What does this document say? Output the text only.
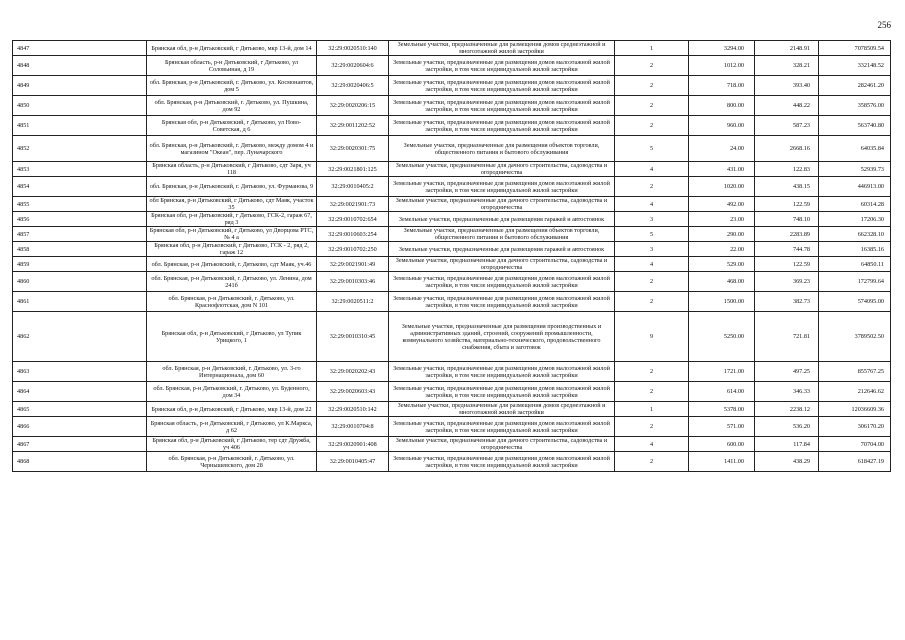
256
4847	Брянская обл, р-н Дятьковский, г Дятьково, мкр 13-й, дом 14	32:29:0020510:140	Земельные участки, предназначенные для размещения домов среднеэтажной и многоэтажной жилой застройки	1	3294.00	2148.91	7078509.54
4848	Брянская область, р-н Дятьковский, г Дятьково, ул Соловьиная, д 19	32:29:0020604:6	Земельные участки, предназначенные для размещения домов малоэтажной жилой застройки, в том числе индивидуальной жилой застройки	2	1012.00	328.21	332148.52
4849	обл. Брянская, р-н Дятьковский, г. Дятьково, ул. Космонавтов, дом 5	32:29:0020406:5	Земельные участки, предназначенные для размещения домов малоэтажной жилой застройки, в том числе индивидуальной жилой застройки	2	718.00	393.40	282461.20
4850	обл. Брянская, р-н Дятьковский, г. Дятьково, ул. Пушкина, дом 92	32:29:0020206:15	Земельные участки, предназначенные для размещения домов малоэтажной жилой застройки, в том числе индивидуальной жилой застройки	2	800.00	448.22	358576.00
4851	Брянская обл, р-н Дятьковский, г Дятьково, ул Ново-Советская, д 6	32:29:0011202:52	Земельные участки, предназначенные для размещения домов малоэтажной жилой застройки, в том числе индивидуальной жилой застройки	2	960.00	587.23	563740.80
4852	обл. Брянская, р-н Дятьковский, г. Дятьково, между домом 4 и магазином "Океан", пер. Луначарского	32:29:0020301:75	Земельные участки, предназначенные для размещения объектов торговли, общественного питания и бытового обслуживания	5	24.00	2668.16	64035.84
4853	Брянская область, р-н Дятьковский, г Дятьково, сдт Заря, уч 118	32:29:0021801:125	Земельные участки, предназначенные для дачного строительства, садоводства и огородничества	4	431.00	122.83	52939.73
4854	обл. Брянская, р-н Дятьковский, г. Дятьково, ул. Фурманова, 9	32:29:0010405:2	Земельные участки, предназначенные для размещения домов малоэтажной жилой застройки, в том числе индивидуальной жилой застройки	2	1020.00	438.15	446913.00
4855	обл Брянская, р-н Дятьковский, г Дятьково, сдт Маяк, участок 35	32:29:0021901:73	Земельные участки, предназначенные для дачного строительства, садоводства и огородничества	4	492.00	122.59	60314.28
4856	Брянская обл, р-н Дятьковский, г Дятьково, ГСК-2, гараж 67, ряд 3	32:29:0010702:654	Земельные участки, предназначенные для размещения гаражей и автостоянок	3	23.00	748.10	17206.30
4857	Брянская обл, р-н Дятьковский, г Дятьково, ул Дворцова РТС, № 4 а	32:29:0010603:254	Земельные участки, предназначенные для размещения объектов торговли, общественного питания и бытового обслуживания	5	290.00	2283.89	662328.10
4858	Брянская обл, р-н Дятьковский, г Дятьково, ГСК - 2, ряд 2, гараж 12	32:29:0010702:250	Земельные участки, предназначенные для размещения гаражей и автостоянок	3	22.00	744.78	16385.16
4859	обл. Брянская, р-н Дятьковский, г. Дятьково, сдт Маяк, уч.46	32:29:0021901:49	Земельные участки, предназначенные для дачного строительства, садоводства и огородничества	4	529.00	122.59	64850.11
4860	обл. Брянская, р-н Дятьковский, г. Дятьково, ул. Ленина, дом 241б	32:29:0010303:46	Земельные участки, предназначенные для размещения домов малоэтажной жилой застройки, в том числе индивидуальной жилой застройки	2	468.00	369.23	172799.64
4861	обл. Брянская, р-н Дятьковский, г. Дятьково, ул. Краснофлотская, дом N 101	32:29:0020511:2	Земельные участки, предназначенные для размещения домов малоэтажной жилой застройки, в том числе индивидуальной жилой застройки	2	1500.00	382.73	574095.00
4862	Брянская обл, р-н Дятьковский, г Дятьково, ул Тупик Урицкого, 1	32:29:0010310:45	Земельные участки, предназначенные для размещения производственных и административных зданий, строений, сооружений промышленности, коммунального хозяйства, материально-технического, продовольственного снабжения, сбыта и заготовок	9	5250.00	721.81	3789502.50
4863	обл. Брянская, р-н Дятьковский, г. Дятьково, ул. 3-го Интернационала, дом 60	32:29:0020202:43	Земельные участки, предназначенные для размещения домов малоэтажной жилой застройки, в том числе индивидуальной жилой застройки	2	1721.00	497.25	855767.25
4864	обл. Брянская, р-н Дятьковский, г. Дятьково, ул. Буденного, дом 34	32:29:0020603:43	Земельные участки, предназначенные для размещения домов малоэтажной жилой застройки, в том числе индивидуальной жилой застройки	2	614.00	346.33	212646.62
4865	Брянская обл, р-н Дятьковский, г Дятьково, мкр 13-й, дом 22	32:29:0020510:142	Земельные участки, предназначенные для размещения домов среднеэтажной и многоэтажной жилой застройки	1	5378.00	2238.12	12036609.36
4866	Брянская область, р-н Дятьковский, г Дятьково, ул К.Маркса, д 62	32:29:0010704:8	Земельные участки, предназначенные для размещения домов малоэтажной жилой застройки, в том числе индивидуальной жилой застройки	2	571.00	536.20	306170.20
4867	Брянская обл, р-н Дятьковский, г Дятьково, тер сдт Дружба, уч 406	32:29:0020901:408	Земельные участки, предназначенные для дачного строительства, садоводства и огородничества	4	600.00	117.84	70704.00
4868	обл. Брянская, р-н Дятьковский, г. Дятьково, ул. Чернышевского, дом 28	32:29:0010405:47	Земельные участки, предназначенные для размещения домов малоэтажной жилой застройки, в том числе индивидуальной жилой застройки	2	1411.00	438.29	618427.19
